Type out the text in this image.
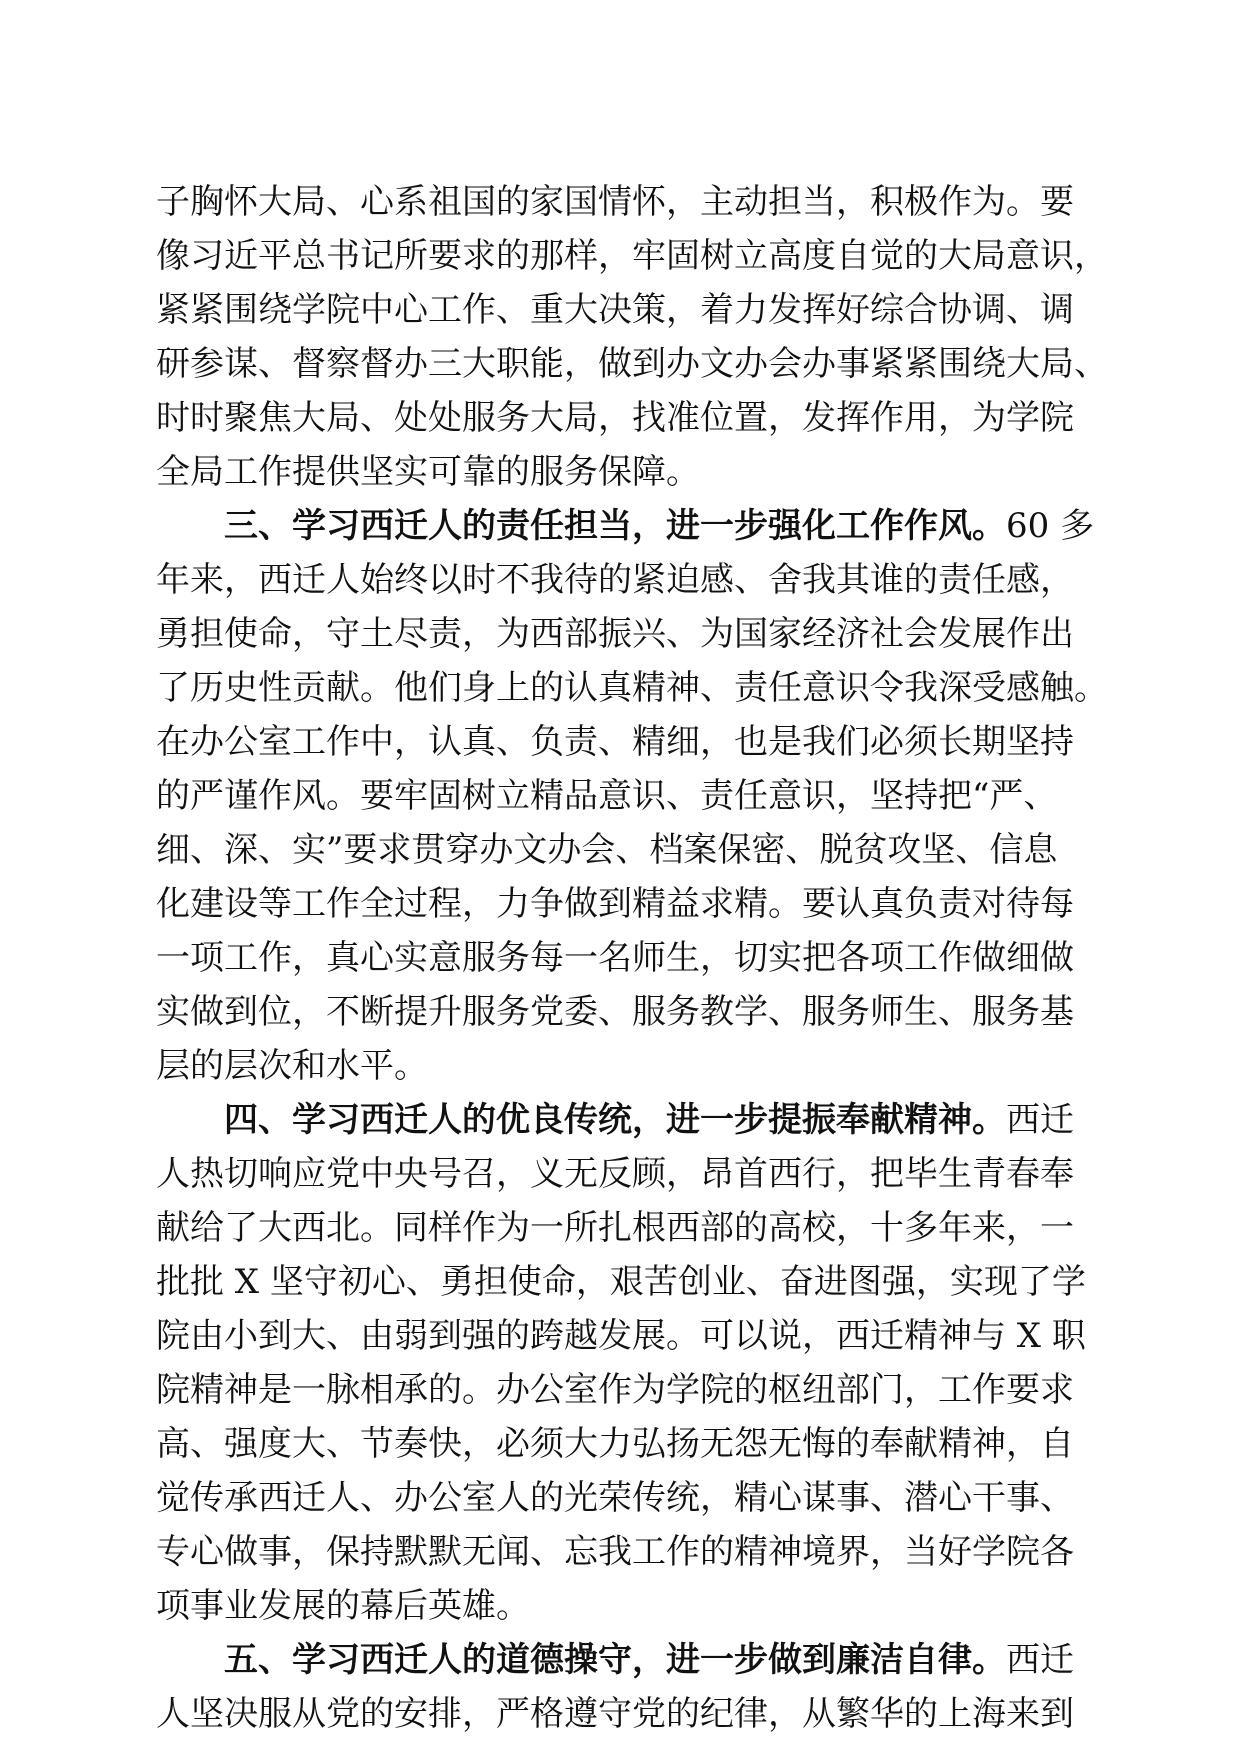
子胸怀大局、心系祖国的家国情怀，主动担当，积极作为。要

像习近平总书记所要求的那样，牢固树立高度自觉的大局意识，

紧紧围绕学院中心工作、重大决策，着力发挥好综合协调、调

研参谋、督察督办三大职能，做到办文办会办事紧紧围绕大局、

时时聚焦大局、处处服务大局，找准位置，发挥作用，为学院

全局工作提供坚实可靠的服务保障。

三、学习西迁人的责任担当，进一步强化工作作风。60 多

年来，西迁人始终以时不我待的紧迫感、舍我其谁的责任感，

勇担使命，守土尽责，为西部振兴、为国家经济社会发展作出

了历史性贡献。他们身上的认真精神、责任意识令我深受感触。

在办公室工作中，认真、负责、精细，也是我们必须长期坚持

的严谨作风。要牢固树立精品意识、责任意识，坚持把“严、

细、深、实”要求贯穿办文办会、档案保密、脱贫攻坚、信息

化建设等工作全过程，力争做到精益求精。要认真负责对待每

一项工作，真心实意服务每一名师生，切实把各项工作做细做

实做到位，不断提升服务党委、服务教学、服务师生、服务基

层的层次和水平。

四、学习西迁人的优良传统，进一步提振奉献精神。西迁

人热切响应党中央号召，义无反顾，昂首西行，把毕生青春奉

献给了大西北。同样作为一所扎根西部的高校，十多年来，一

批批 X 坚守初心、勇担使命，艰苦创业、奋进图强，实现了学

院由小到大、由弱到强的跨越发展。可以说，西迁精神与 X 职

院精神是一脉相承的。办公室作为学院的枢纽部门，工作要求

高、强度大、节奏快，必须大力弘扬无怨无悔的奉献精神，自

觉传承西迁人、办公室人的光荣传统，精心谋事、潜心干事、

专心做事，保持默默无闻、忘我工作的精神境界，当好学院各

项事业发展的幕后英雄。

五、学习西迁人的道德操守，进一步做到廉洁自律。西迁

人坚决服从党的安排，严格遵守党的纪律，从繁华的上海来到
